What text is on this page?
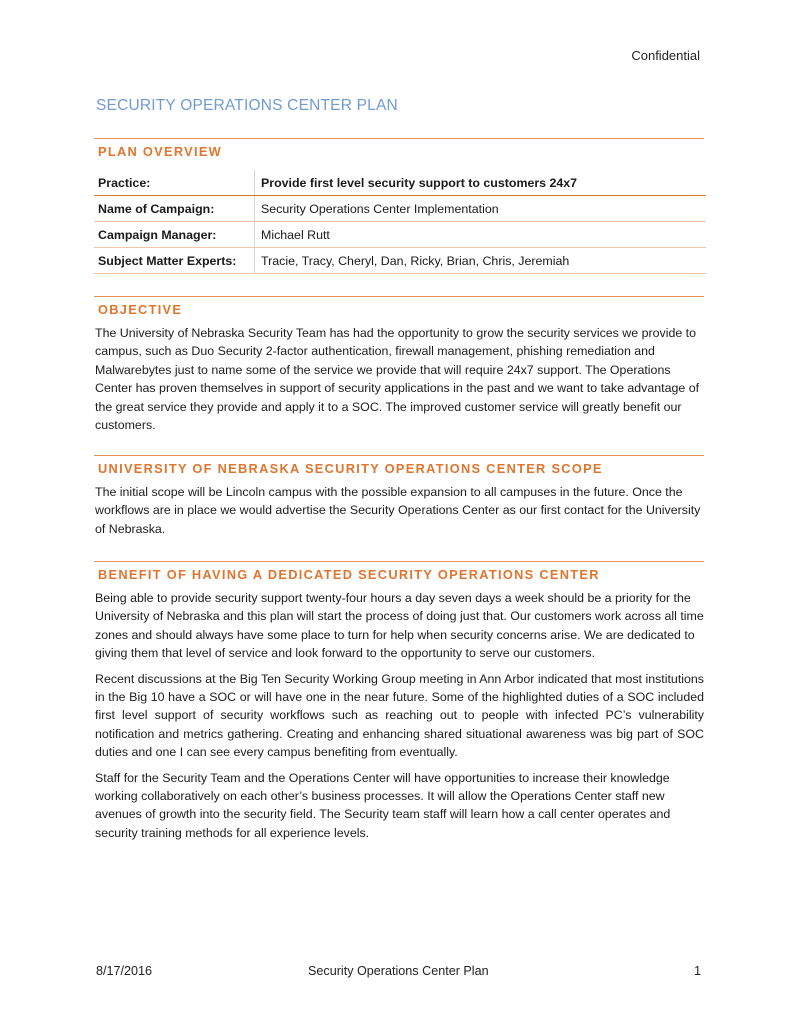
Confidential
SECURITY OPERATIONS CENTER PLAN
PLAN OVERVIEW
Practice:	Provide first level security support to customers 24x7
Name of Campaign:	Security Operations Center Implementation
Campaign Manager:	Michael Rutt
Subject Matter Experts:	Tracie, Tracy, Cheryl, Dan, Ricky, Brian, Chris, Jeremiah
OBJECTIVE

The University of Nebraska Security Team has had the opportunity to grow the security services we provide to campus, such as Duo Security 2-factor authentication, firewall management, phishing remediation and Malwarebytes just to name some of the service we provide that will require 24x7 support. The Operations Center has proven themselves in support of security applications in the past and we want to take advantage of the great service they provide and apply it to a SOC. The improved customer service will greatly benefit our customers.

UNIVERSITY OF NEBRASKA SECURITY OPERATIONS CENTER SCOPE

The initial scope will be Lincoln campus with the possible expansion to all campuses in the future. Once the workflows are in place we would advertise the Security Operations Center as our first contact for the University of Nebraska.

BENEFIT OF HAVING A DEDICATED SECURITY OPERATIONS CENTER

Being able to provide security support twenty-four hours a day seven days a week should be a priority for the University of Nebraska and this plan will start the process of doing just that. Our customers work across all time zones and should always have some place to turn for help when security concerns arise. We are dedicated to giving them that level of service and look forward to the opportunity to serve our customers.

Recent discussions at the Big Ten Security Working Group meeting in Ann Arbor indicated that most institutions in the Big 10 have a SOC or will have one in the near future. Some of the highlighted duties of a SOC included first level support of security workflows such as reaching out to people with infected PC’s vulnerability notification and metrics gathering. Creating and enhancing shared situational awareness was big part of SOC duties and one I can see every campus benefiting from eventually.

Staff for the Security Team and the Operations Center will have opportunities to increase their knowledge working collaboratively on each other’s business processes. It will allow the Operations Center staff new avenues of growth into the security field. The Security team staff will learn how a call center operates and security training methods for all experience levels.

8/17/2016	Security Operations Center Plan	1
